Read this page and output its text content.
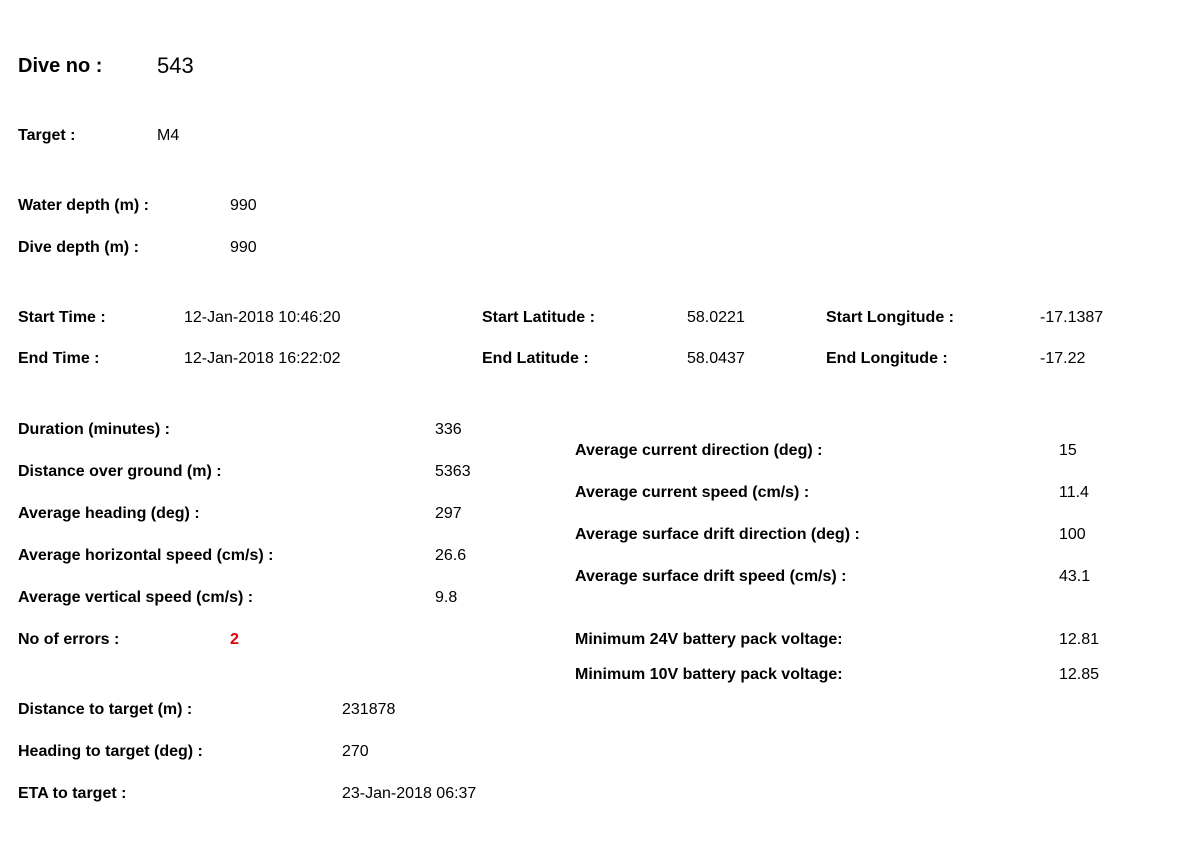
Dive no : 543
Target :	M4
Water depth (m) :	990
Dive depth (m) :	990
Start Time :	12-Jan-2018 10:46:20	Start Latitude :	58.0221	Start Longitude :	-17.1387
End Time :	12-Jan-2018 16:22:02	End Latitude :	58.0437	End Longitude :	-17.22
Duration (minutes) :	336
Distance over ground (m) :	5363
Average heading (deg) :	297
Average horizontal speed (cm/s) :	26.6
Average vertical speed (cm/s) :	9.8
No of errors :	2
Average current direction (deg) :	15
Average current speed (cm/s) :	11.4
Average surface drift direction (deg) :	100
Average surface drift speed (cm/s) :	43.1
Minimum 24V battery pack voltage:	12.81
Minimum 10V battery pack voltage:	12.85
Distance to target (m) :	231878
Heading to target (deg) :	270
ETA to target :	23-Jan-2018 06:37
